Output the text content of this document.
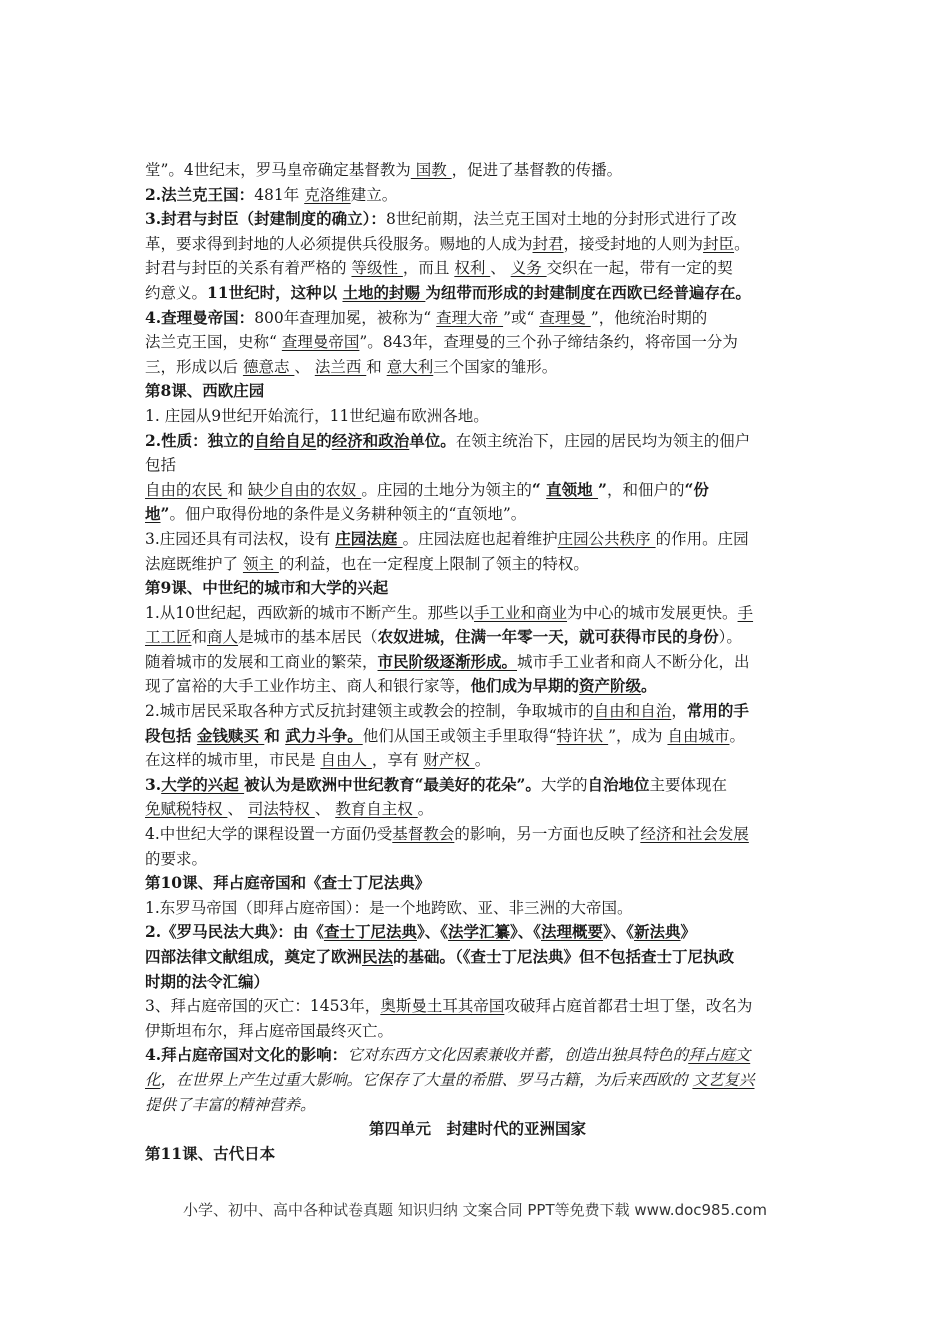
堂”。4世纪末，罗马皇帝确定基督教为 国教 ，促进了基督教的传播。

2.法兰克王国：481年 克洛维建立。

3.封君与封臣（封建制度的确立）：8世纪前期，法兰克王国对土地的分封形式进行了改

革，要求得到封地的人必须提供兵役服务。赐地的人成为封君，接受封地的人则为封臣。

封君与封臣的关系有着严格的 等级性 ，而且 权利 、 义务 交织在一起，带有一定的契

约意义。11世纪时，这种以 土地的封赐 为纽带而形成的封建制度在西欧已经普遍存在。

4.查理曼帝国：800年查理加冕，被称为“ 查理大帝 ”或“ 查理曼 ”，他统治时期的

法兰克王国，史称“ 查理曼帝国”。843年，查理曼的三个孙子缔结条约，将帝国一分为

三，形成以后 德意志 、 法兰西 和 意大利三个国家的雏形。

第8课、西欧庄园

1. 庄园从9世纪开始流行，11世纪遍布欧洲各地。

2.性质：独立的自给自足的经济和政治单位。在领主统治下，庄园的居民均为领主的佃户

包括

自由的农民 和 缺少自由的农奴 。庄园的土地分为领主的“ 直领地 ”，和佃户的“份

地”。佃户取得份地的条件是义务耕种领主的“直领地”。

3.庄园还具有司法权，设有 庄园法庭 。庄园法庭也起着维护庄园公共秩序 的作用。庄园

法庭既维护了 领主 的利益，也在一定程度上限制了领主的特权。

第9课、中世纪的城市和大学的兴起

1.从10世纪起，西欧新的城市不断产生。那些以手工业和商业为中心的城市发展更快。手

工工匠和商人是城市的基本居民（农奴进城，住满一年零一天，就可获得市民的身份）。

随着城市的发展和工商业的繁荣，市民阶级逐渐形成。城市手工业者和商人不断分化，出

现了富裕的大手工业作坊主、商人和银行家等，他们成为早期的资产阶级。

2.城市居民采取各种方式反抗封建领主或教会的控制，争取城市的自由和自治，常用的手

段包括 金钱赎买 和 武力斗争。他们从国王或领主手里取得“特许状 ”，成为 自由城市。

在这样的城市里，市民是 自由人 ，享有 财产权 。

3.大学的兴起 被认为是欧洲中世纪教育“最美好的花朵”。大学的自治地位主要体现在

免赋税特权 、 司法特权 、 教育自主权 。

4.中世纪大学的课程设置一方面仍受基督教会的影响，另一方面也反映了经济和社会发展

的要求。

第10课、拜占庭帝国和《查士丁尼法典》

1.东罗马帝国（即拜占庭帝国）：是一个地跨欧、亚、非三洲的大帝国。

2.《罗马民法大典》：由《查士丁尼法典》、《法学汇纂》、《法理概要》、《新法典》

四部法律文献组成，奠定了欧洲民法的基础。（《查士丁尼法典》但不包括查士丁尼执政

时期的法令汇编）

3、拜占庭帝国的灭亡：1453年，奥斯曼土耳其帝国攻破拜占庭首都君士坦丁堡，改名为

伊斯坦布尔，拜占庭帝国最终灭亡。

4.拜占庭帝国对文化的影响：它对东西方文化因素兼收并蓄，创造出独具特色的拜占庭文

化，在世界上产生过重大影响。它保存了大量的希腊、罗马古籍，为后来西欧的 文艺复兴

提供了丰富的精神营养。

第四单元　封建时代的亚洲国家

第11课、古代日本

小学、初中、高中各种试卷真题 知识归纳 文案合同 PPT等免费下载 www.doc985.com
